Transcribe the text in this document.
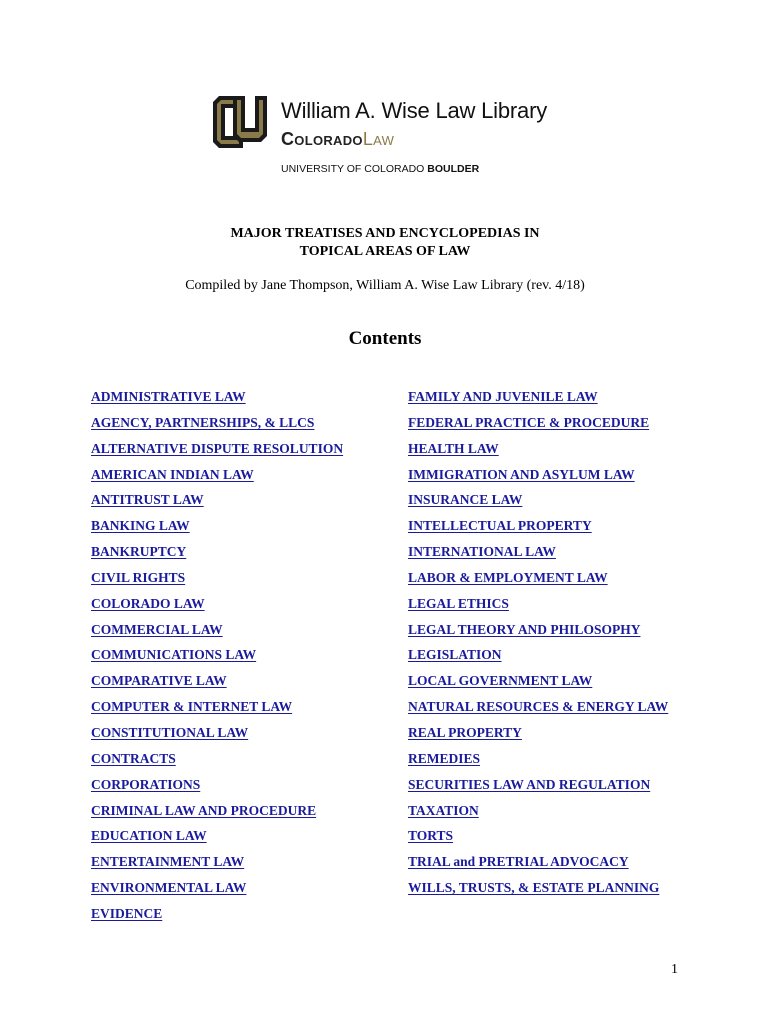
William A. Wise Law Library
ColoradoLaw
UNIVERSITY OF COLORADO BOULDER
MAJOR TREATISES AND ENCYCLOPEDIAS IN
TOPICAL AREAS OF LAW
Compiled by Jane Thompson, William A. Wise Law Library (rev. 4/18)
Contents
ADMINISTRATIVE LAW
AGENCY, PARTNERSHIPS, & LLCS
ALTERNATIVE DISPUTE RESOLUTION
AMERICAN INDIAN LAW
ANTITRUST LAW
BANKING LAW
BANKRUPTCY
CIVIL RIGHTS
COLORADO LAW
COMMERCIAL LAW
COMMUNICATIONS LAW
COMPARATIVE LAW
COMPUTER & INTERNET LAW
CONSTITUTIONAL LAW
CONTRACTS
CORPORATIONS
CRIMINAL LAW AND PROCEDURE
EDUCATION LAW
ENTERTAINMENT LAW
ENVIRONMENTAL LAW
EVIDENCE
FAMILY AND JUVENILE LAW
FEDERAL PRACTICE & PROCEDURE
HEALTH LAW
IMMIGRATION AND ASYLUM LAW
INSURANCE LAW
INTELLECTUAL PROPERTY
INTERNATIONAL LAW
LABOR & EMPLOYMENT LAW
LEGAL ETHICS
LEGAL THEORY AND PHILOSOPHY
LEGISLATION
LOCAL GOVERNMENT LAW
NATURAL RESOURCES & ENERGY LAW
REAL PROPERTY
REMEDIES
SECURITIES LAW AND REGULATION
TAXATION
TORTS
TRIAL and PRETRIAL ADVOCACY
WILLS, TRUSTS, & ESTATE PLANNING
1
